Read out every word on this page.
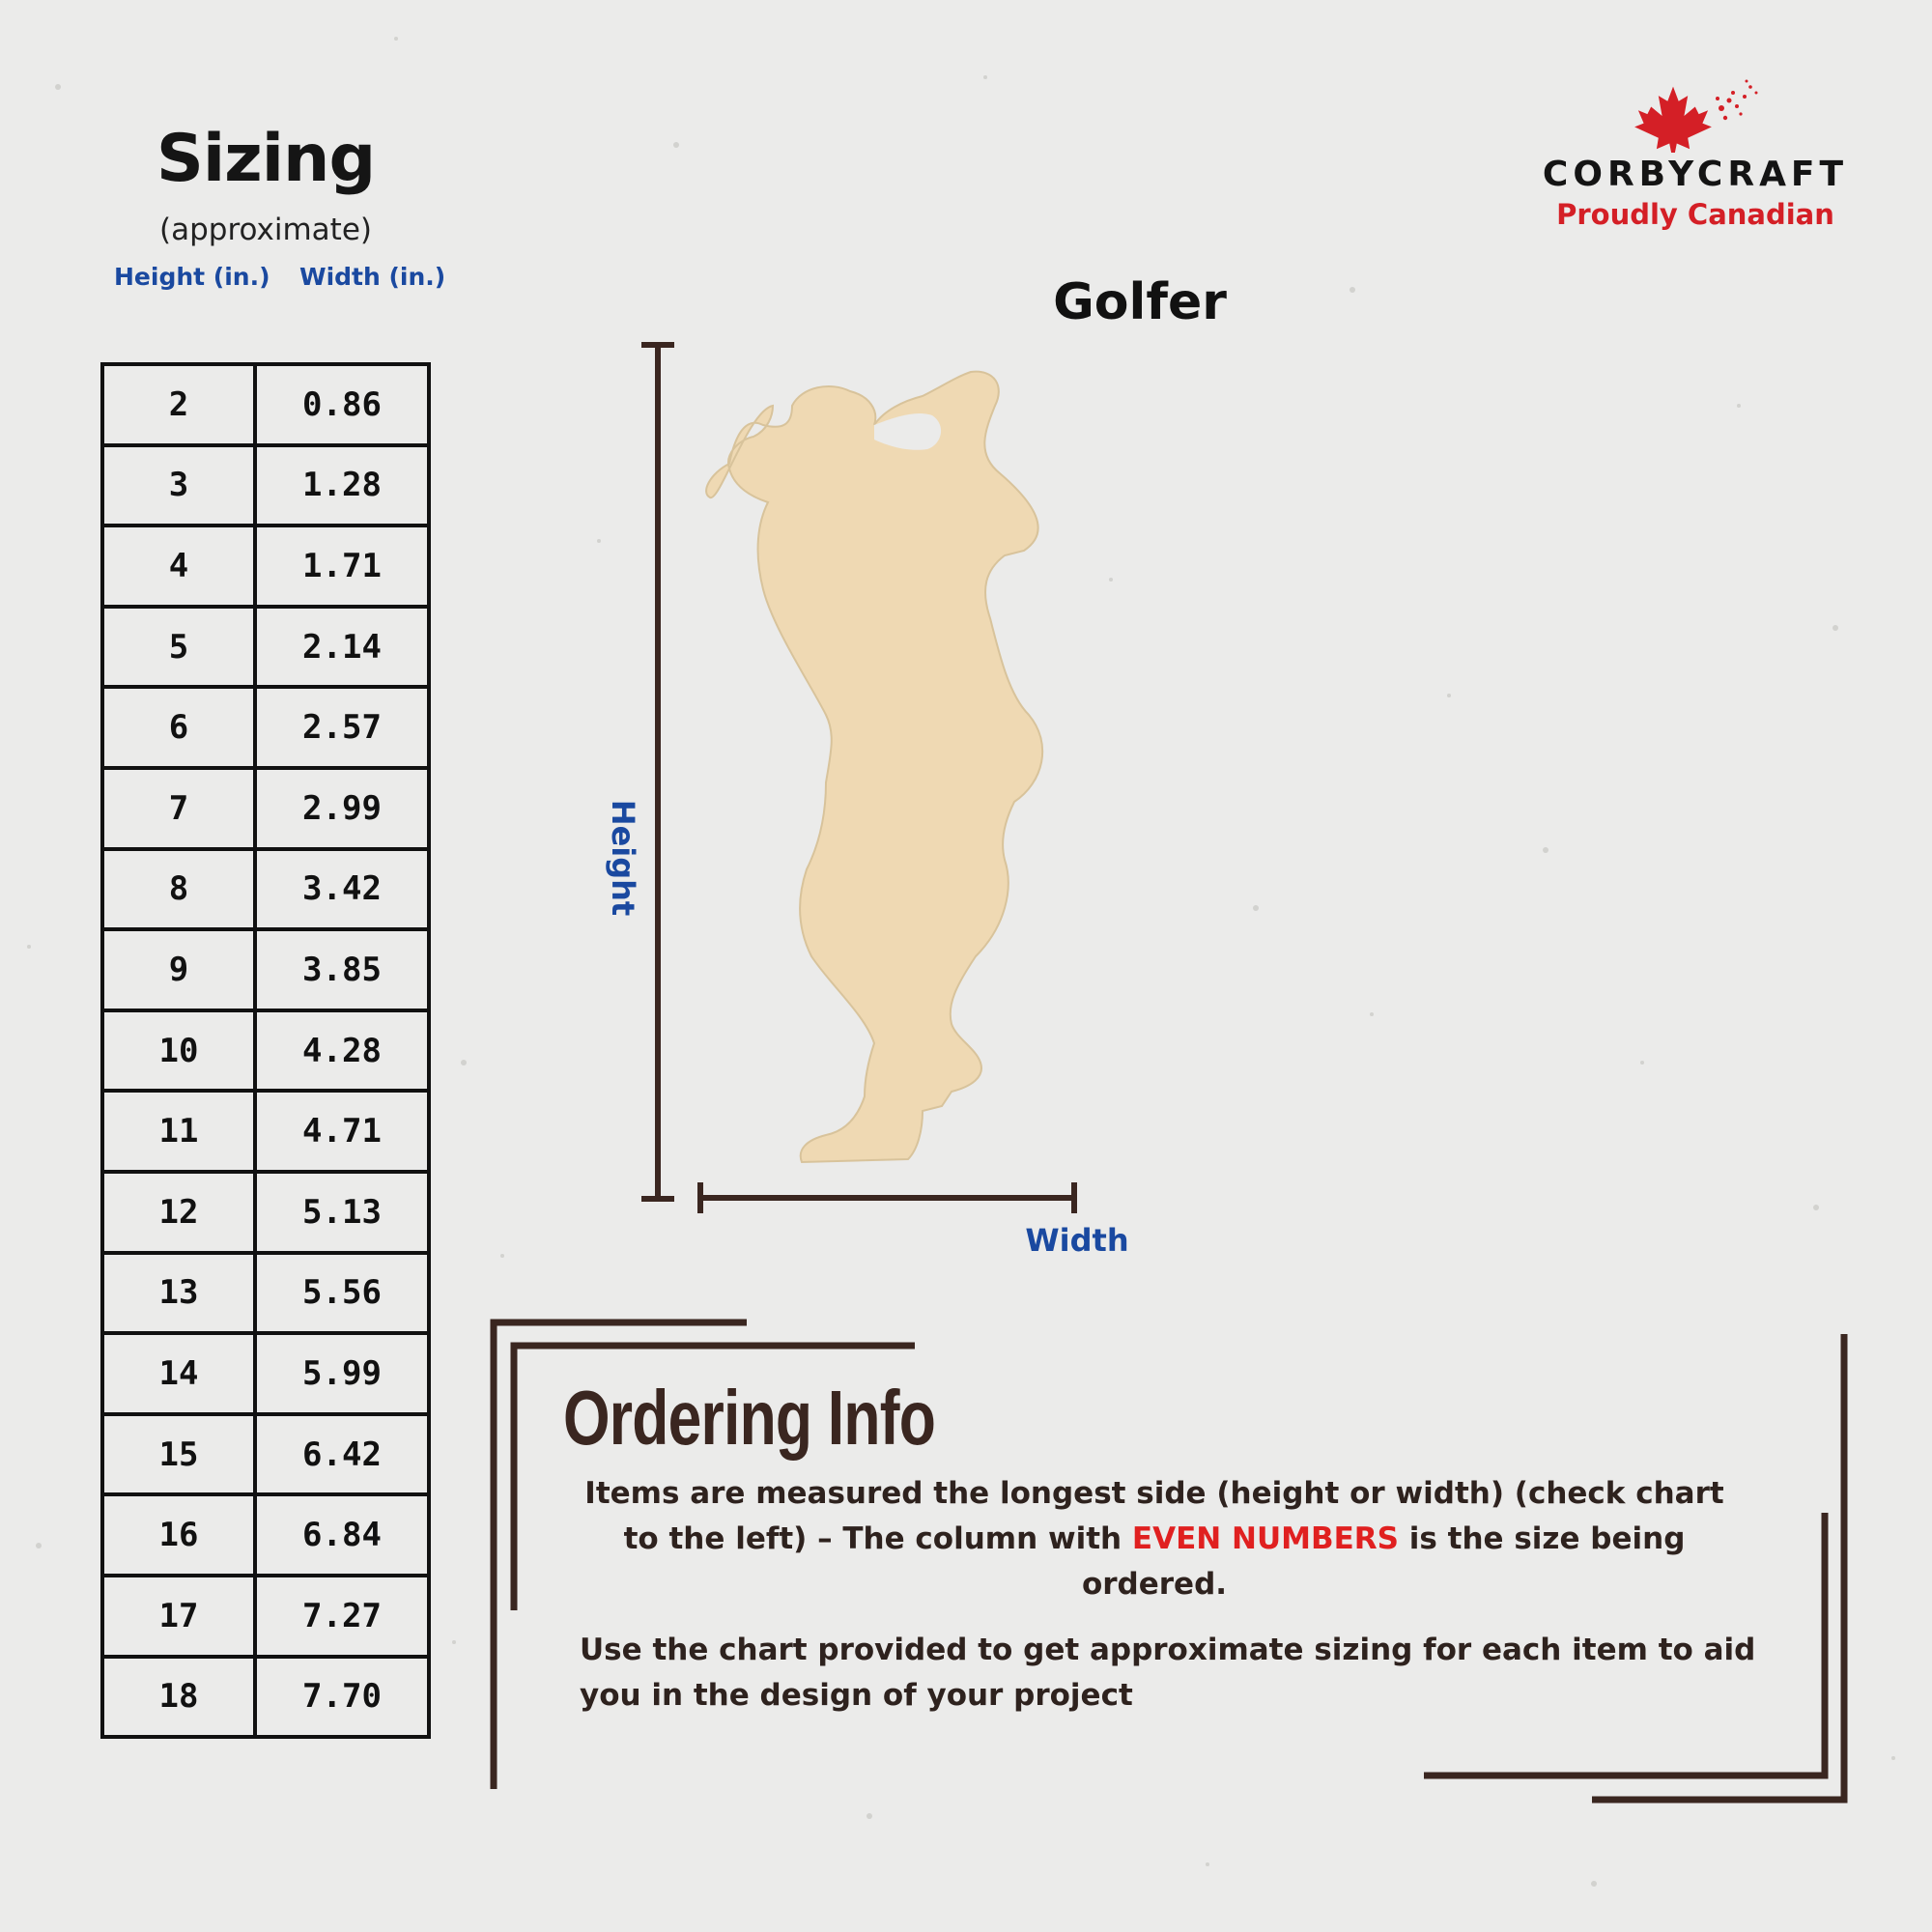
Sizing
(approximate)
Height (in.) Width (in.)
2	0.86
3	1.28
4	1.71
5	2.14
6	2.57
7	2.99
8	3.42
9	3.85
10	4.28
11	4.71
12	5.13
13	5.56
14	5.99
15	6.42
16	6.84
17	7.27
18	7.70
CORBYCRAFT
Proudly Canadian
Golfer
Height
Width
Ordering Info
Items are measured the longest side (height or width) (check chart to the left) – The column with EVEN NUMBERS is the size being ordered.
Use the chart provided to get approximate sizing for each item to aid you in the design of your project
